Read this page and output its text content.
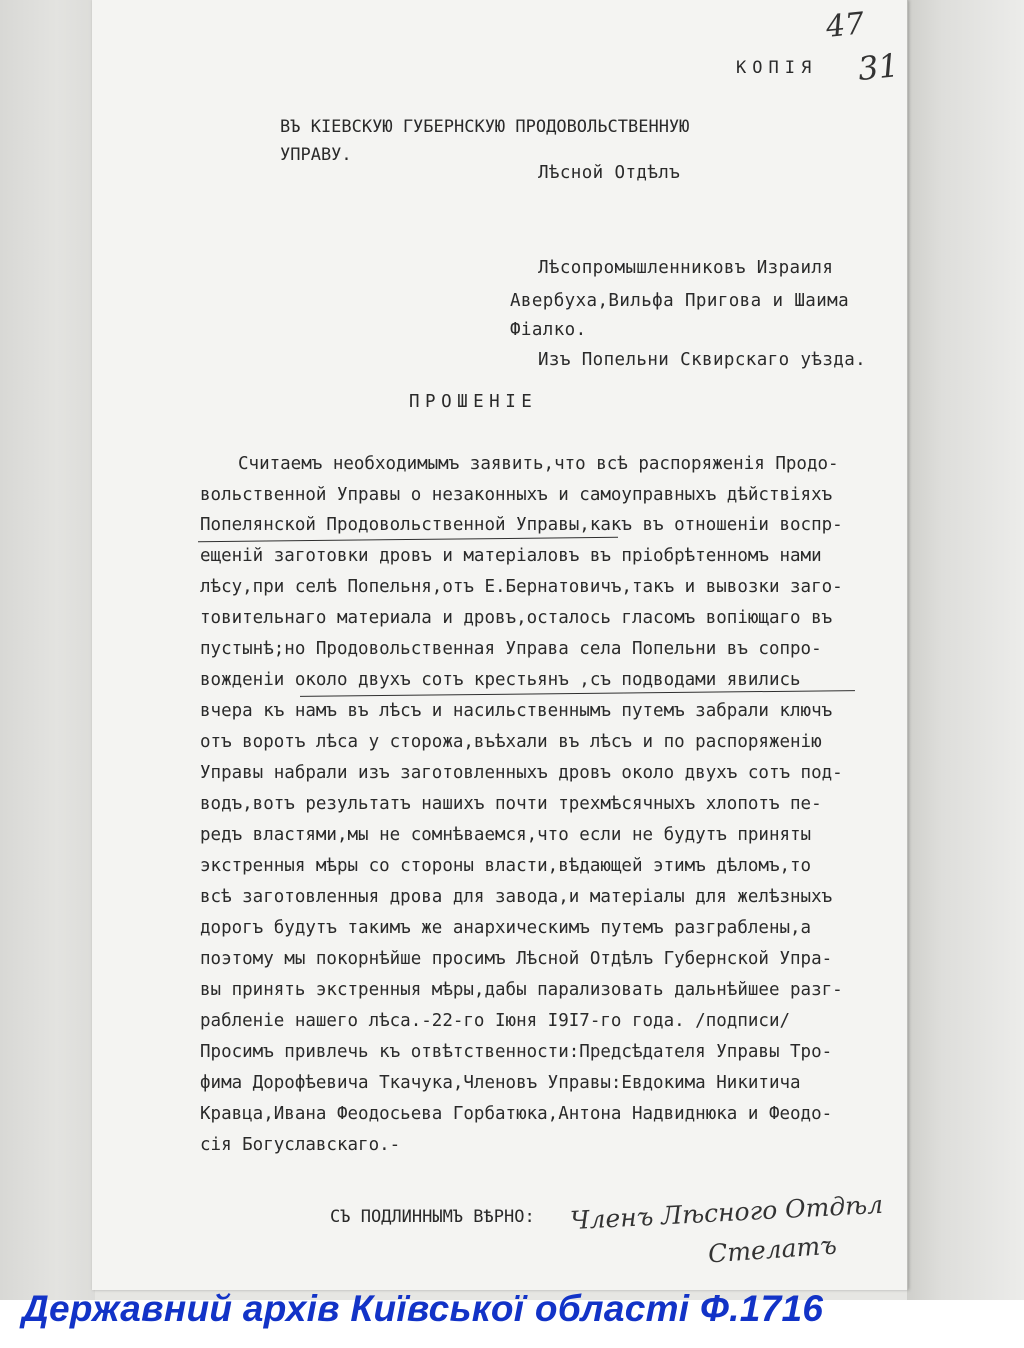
КОПIЯ
47
31
ВЪ КIЕВСКУЮ ГУБЕРНСКУЮ ПРОДОВОЛЬСТВЕННУЮ
УПРАВУ.
Лѣсной Отдѣлъ
Лѣсопромышленниковъ Израиля
Авербуха,Вильфа Пригова и Шаима
Фiалко.
Изъ Попельни Сквирскаго уѣзда.
ПРОШЕНIЕ
Считаемъ необходимымъ заявить,что всѣ распоряженiя Продо-
вольственной Управы о незаконныхъ и самоуправныхъ дѣйствiяхъ
Попелянской Продовольственной Управы,какъ въ отношенiи воспр-
ещенiй заготовки дровъ и матерiаловъ въ прiобрѣтенномъ нами
лѣсу,при селѣ Попельня,отъ Е.Бернатовичъ,такъ и вывозки загo-
товительнаго материала и дровъ,осталось гласомъ вопiющаго въ
пустынѣ;но Продовольственная Управа села Попельни въ сопро-
вожденiи около двухъ сотъ крестьянъ ,съ подводами явились
вчера къ намъ въ лѣсъ и насильственнымъ путемъ забрали ключъ
отъ воротъ лѣса у сторожа,въѣхали въ лѣсъ и по распоряженiю
Управы набрали изъ заготовленныхъ дровъ около двухъ сотъ под-
водъ,вотъ результатъ нашихъ почти трехмѣсячныхъ хлопотъ пе-
редъ властями,мы не сомнѣваемся,что если не будутъ приняты
экстренныя мѣры со стороны власти,вѣдающей этимъ дѣломъ,то
всѣ заготовленныя дрова для завода,и матерiалы для желѣзныхъ
дорогъ будутъ такимъ же анархическимъ путемъ разграблены,а
поэтому мы покорнѣйше просимъ Лѣсной Отдѣлъ Губернской Упра-
вы принять экстренныя мѣры,дабы парализовать дальнѣйшее разг-
рабленiе нашего лѣса.-22-го Iюня I9I7-го года. /подписи/
Просимъ привлечь къ отвѣтственности:Предсѣдателя Управы Тро-
фима Дорофѣевича Ткачука,Членовъ Управы:Евдокима Никитича
Кравца,Ивана Феодосьева Горбатюка,Антона Надвиднюка и Феодо-
сiя Богуславскаго.-
СЪ ПОДЛИННЫМЪ ВѢРНО: Членъ Лѣсного Отдѣл
Стелатъ
Державний архів Київської області Ф.1716
